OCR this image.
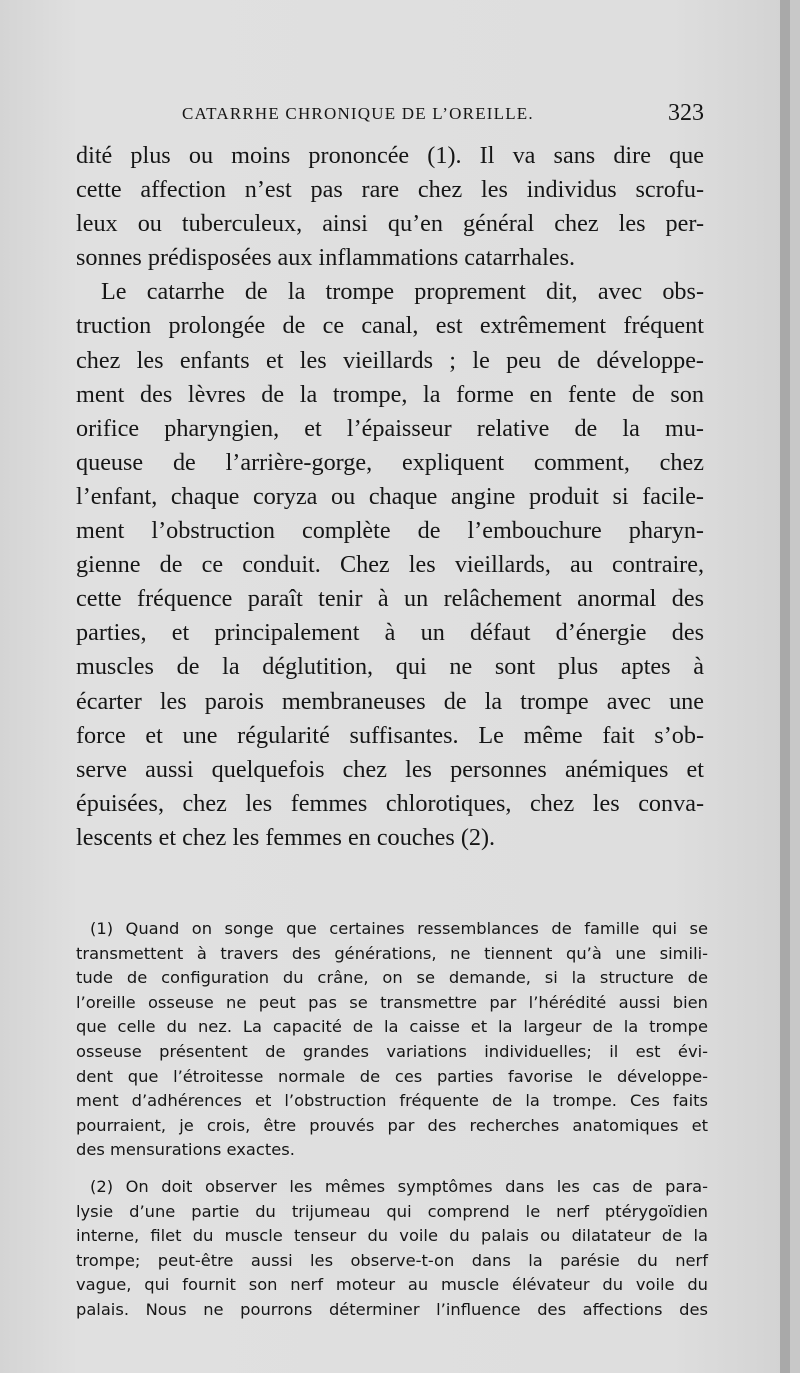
CATARRHE CHRONIQUE DE L’OREILLE.	323
dité plus ou moins prononcée (1). Il va sans dire que
cette affection n’est pas rare chez les individus scrofu-
leux ou tuberculeux, ainsi qu’en général chez les per-
sonnes prédisposées aux inflammations catarrhales.
Le catarrhe de la trompe proprement dit, avec obs-
truction prolongée de ce canal, est extrêmement fréquent
chez les enfants et les vieillards ; le peu de développe-
ment des lèvres de la trompe, la forme en fente de son
orifice pharyngien, et l’épaisseur relative de la mu-
queuse de l’arrière-gorge, expliquent comment, chez
l’enfant, chaque coryza ou chaque angine produit si facile-
ment l’obstruction complète de l’embouchure pharyn-
gienne de ce conduit. Chez les vieillards, au contraire,
cette fréquence paraît tenir à un relâchement anormal des
parties, et principalement à un défaut d’énergie des
muscles de la déglutition, qui ne sont plus aptes à
écarter les parois membraneuses de la trompe avec une
force et une régularité suffisantes. Le même fait s’ob-
serve aussi quelquefois chez les personnes anémiques et
épuisées, chez les femmes chlorotiques, chez les conva-
lescents et chez les femmes en couches (2).
(1) Quand on songe que certaines ressemblances de famille qui se
transmettent à travers des générations, ne tiennent qu’à une simili-
tude de configuration du crâne, on se demande, si la structure de
l’oreille osseuse ne peut pas se transmettre par l’hérédité aussi bien
que celle du nez. La capacité de la caisse et la largeur de la trompe
osseuse présentent de grandes variations individuelles; il est évi-
dent que l’étroitesse normale de ces parties favorise le développe-
ment d’adhérences et l’obstruction fréquente de la trompe. Ces faits
pourraient, je crois, être prouvés par des recherches anatomiques et
des mensurations exactes.
(2) On doit observer les mêmes symptômes dans les cas de para-
lysie d’une partie du trijumeau qui comprend le nerf ptérygoïdien
interne, filet du muscle tenseur du voile du palais ou dilatateur de la
trompe; peut-être aussi les observe-t-on dans la parésie du nerf
vague, qui fournit son nerf moteur au muscle élévateur du voile du
palais. Nous ne pourrons déterminer l’influence des affections des
